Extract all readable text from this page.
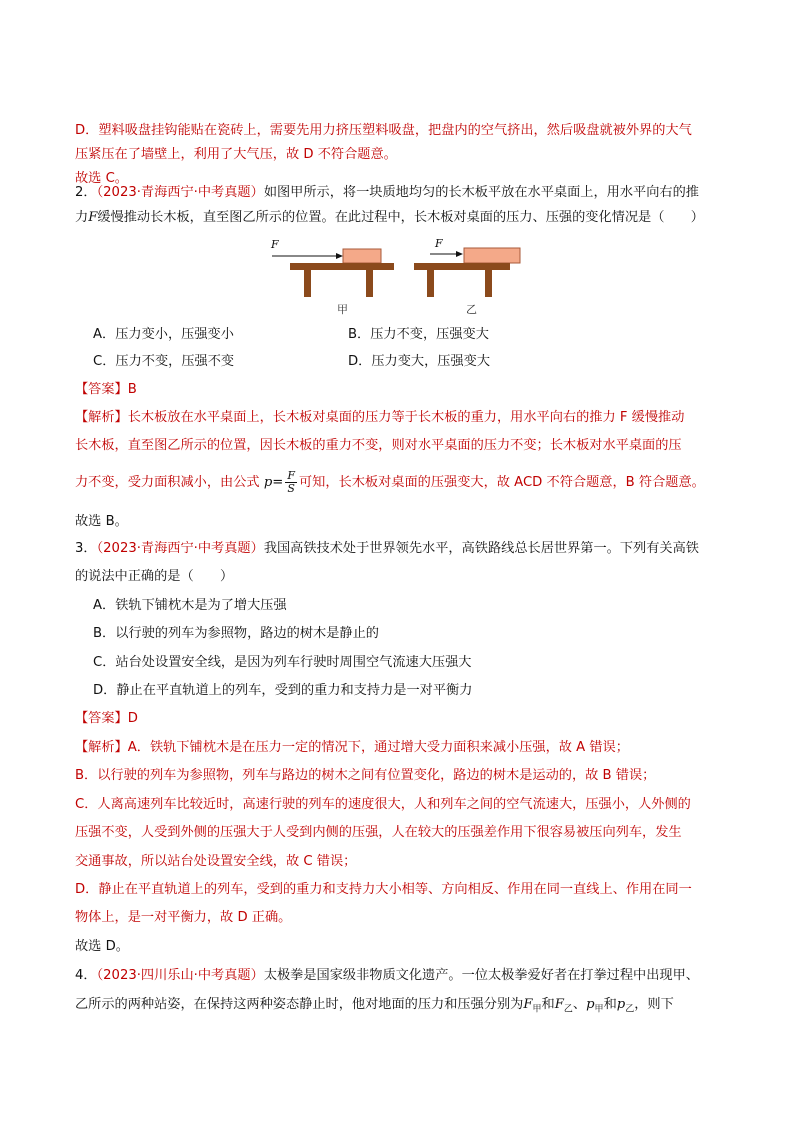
D．塑料吸盘挂钩能贴在瓷砖上，需要先用力挤压塑料吸盘，把盘内的空气挤出，然后吸盘就被外界的大气
压紧压在了墙壁上，利用了大气压，故 D 不符合题意。
故选 C。
2．（2023·青海西宁·中考真题）如图甲所示，将一块质地均匀的长木板平放在水平桌面上，用水平向右的推
力F缓慢推动长木板，直至图乙所示的位置。在此过程中，长木板对桌面的压力、压强的变化情况是（　　）
F
甲
F
乙
A．压力变小，压强变小	B．压力不变，压强变大
C．压力不变，压强不变	D．压力变大，压强变大
【答案】B
【解析】长木板放在水平桌面上，长木板对桌面的压力等于长木板的重力，用水平向右的推力 F 缓慢推动
长木板，直至图乙所示的位置，因长木板的重力不变，则对水平桌面的压力不变；长木板对水平桌面的压
力不变，受力面积减小，由公式 $p= \frac{F}{S}$ 可知，长木板对桌面的压强变大，故 ACD 不符合题意，B 符合题意。
故选 B。
3．（2023·青海西宁·中考真题）我国高铁技术处于世界领先水平，高铁路线总长居世界第一。下列有关高铁
的说法中正确的是（　　）
A．铁轨下铺枕木是为了增大压强
B．以行驶的列车为参照物，路边的树木是静止的
C．站台处设置安全线，是因为列车行驶时周围空气流速大压强大
D．静止在平直轨道上的列车，受到的重力和支持力是一对平衡力
【答案】D
【解析】A．铁轨下铺枕木是在压力一定的情况下，通过增大受力面积来减小压强，故 A 错误；
B．以行驶的列车为参照物，列车与路边的树木之间有位置变化，路边的树木是运动的，故 B 错误；
C．人离高速列车比较近时，高速行驶的列车的速度很大，人和列车之间的空气流速大，压强小，人外侧的
压强不变，人受到外侧的压强大于人受到内侧的压强，人在较大的压强差作用下很容易被压向列车，发生
交通事故，所以站台处设置安全线，故 C 错误；
D．静止在平直轨道上的列车，受到的重力和支持力大小相等、方向相反、作用在同一直线上、作用在同一
物体上，是一对平衡力，故 D 正确。
故选 D。
4．（2023·四川乐山·中考真题）太极拳是国家级非物质文化遗产。一位太极拳爱好者在打拳过程中出现甲、
乙所示的两种站姿，在保持这两种姿态静止时，他对地面的压力和压强分别为$F_甲$和$F_乙$、$p_甲$和$p_乙$，则下
